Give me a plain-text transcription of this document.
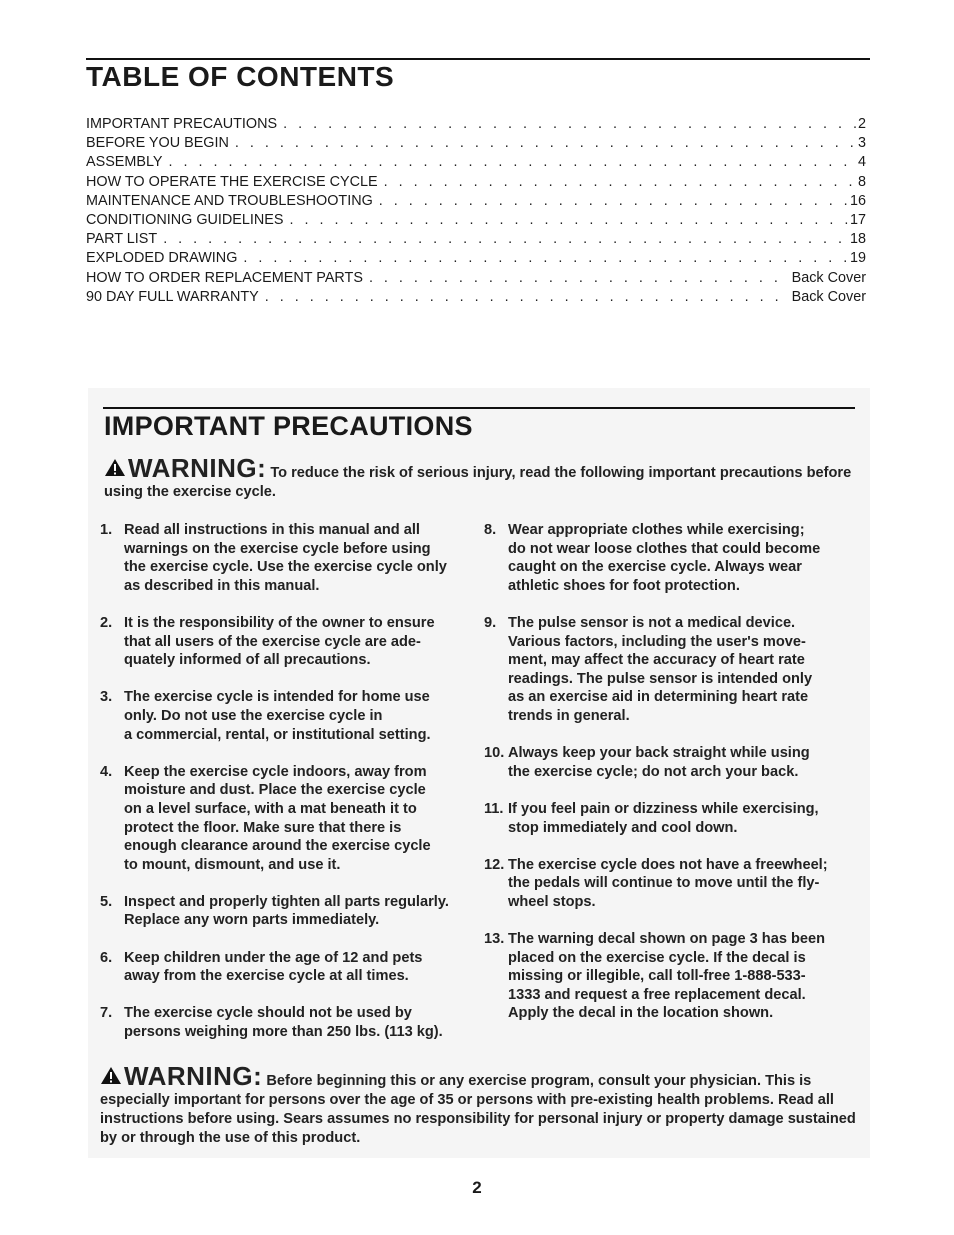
TABLE OF CONTENTS
IMPORTANT PRECAUTIONS . . .	2
BEFORE YOU BEGIN . . .	3
ASSEMBLY . . .	4
HOW TO OPERATE THE EXERCISE CYCLE . . .	8
MAINTENANCE AND TROUBLESHOOTING . . .	16
CONDITIONING GUIDELINES . . .	17
PART LIST . . .	18
EXPLODED DRAWING . . .	19
HOW TO ORDER REPLACEMENT PARTS . . .	Back Cover
90 DAY FULL WARRANTY . . .	Back Cover
IMPORTANT PRECAUTIONS
WARNING: To reduce the risk of serious injury, read the following important precautions before using the exercise cycle.
1. Read all instructions in this manual and all
warnings on the exercise cycle before using
the exercise cycle. Use the exercise cycle only
as described in this manual.
2. It is the responsibility of the owner to ensure
that all users of the exercise cycle are ade-
quately informed of all precautions.
3. The exercise cycle is intended for home use
only. Do not use the exercise cycle in
a commercial, rental, or institutional setting.
4. Keep the exercise cycle indoors, away from
moisture and dust. Place the exercise cycle
on a level surface, with a mat beneath it to
protect the floor. Make sure that there is
enough clearance around the exercise cycle
to mount, dismount, and use it.
5. Inspect and properly tighten all parts regularly.
Replace any worn parts immediately.
6. Keep children under the age of 12 and pets
away from the exercise cycle at all times.
7. The exercise cycle should not be used by
persons weighing more than 250 lbs. (113 kg).
8. Wear appropriate clothes while exercising;
do not wear loose clothes that could become
caught on the exercise cycle. Always wear
athletic shoes for foot protection.
9. The pulse sensor is not a medical device.
Various factors, including the user's move-
ment, may affect the accuracy of heart rate
readings. The pulse sensor is intended only
as an exercise aid in determining heart rate
trends in general.
10. Always keep your back straight while using
the exercise cycle; do not arch your back.
11. If you feel pain or dizziness while exercising,
stop immediately and cool down.
12. The exercise cycle does not have a freewheel;
the pedals will continue to move until the fly-
wheel stops.
13. The warning decal shown on page 3 has been
placed on the exercise cycle. If the decal is
missing or illegible, call toll-free 1-888-533-
1333 and request a free replacement decal.
Apply the decal in the location shown.
WARNING: Before beginning this or any exercise program, consult your physician. This is especially important for persons over the age of 35 or persons with pre-existing health problems. Read all instructions before using. Sears assumes no responsibility for personal injury or property damage sustained by or through the use of this product.
2
